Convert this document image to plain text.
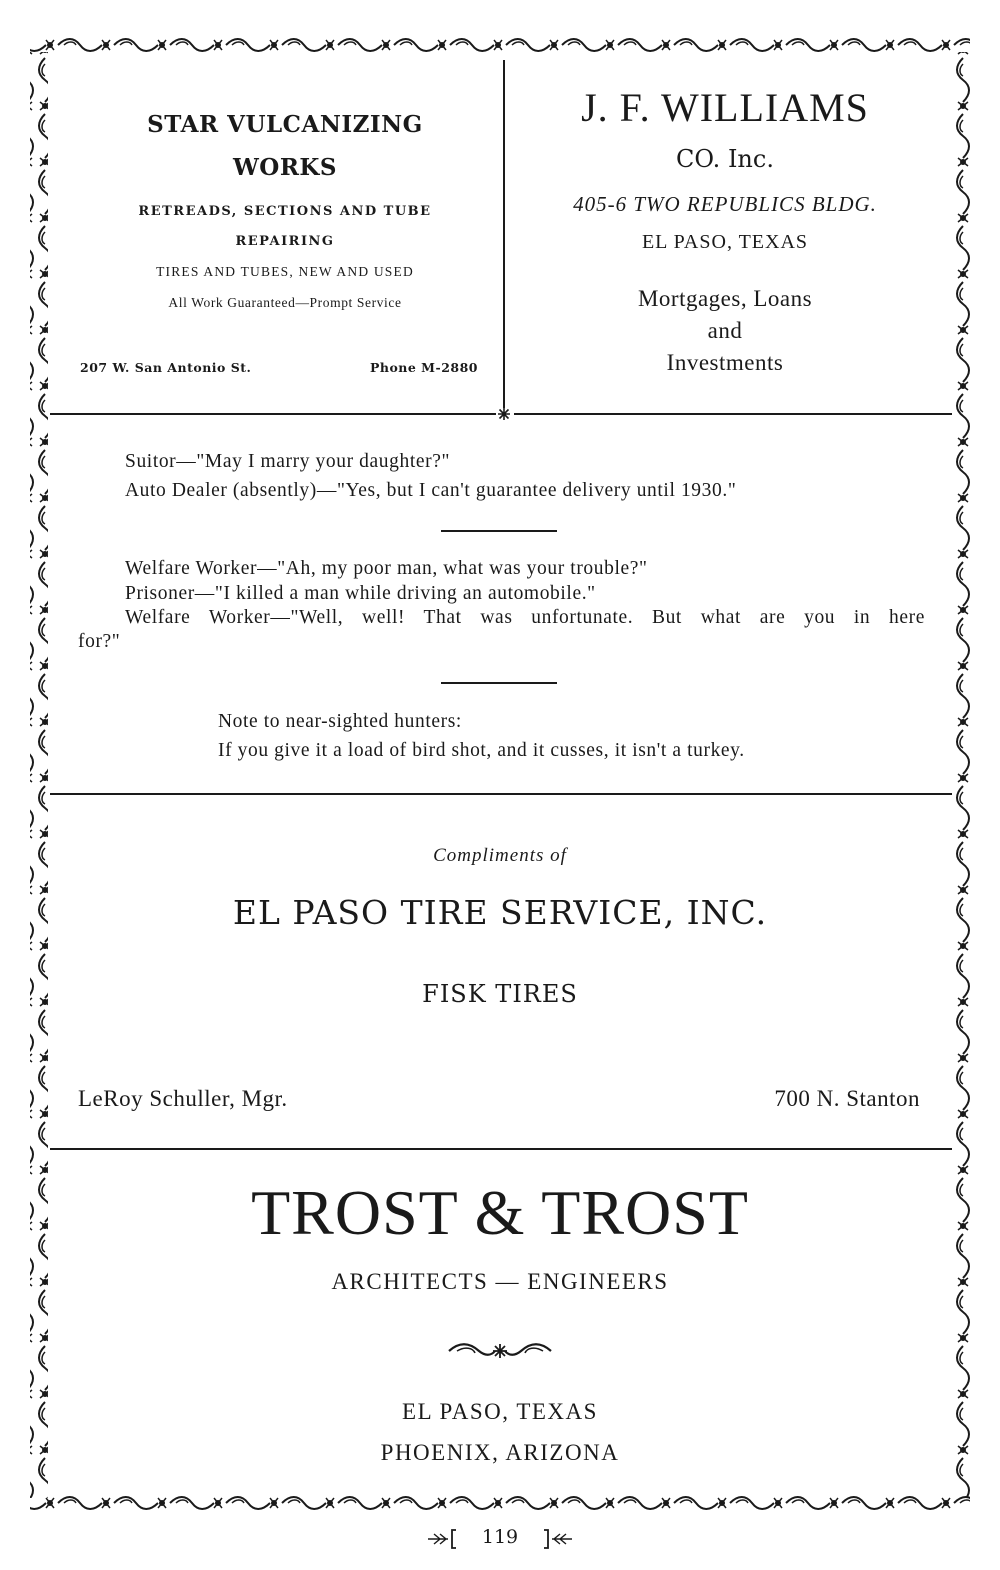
STAR VULCANIZING
WORKS
RETREADS, SECTIONS AND TUBE
REPAIRING
TIRES AND TUBES, NEW AND USED
All Work Guaranteed—Prompt Service
207 W. San Antonio St.	Phone M-2880
J. F. WILLIAMS
CO. Inc.
405-6 TWO REPUBLICS BLDG.
EL PASO, TEXAS
Mortgages, Loans
and
Investments
Suitor—"May I marry your daughter?"
Auto Dealer (absently)—"Yes, but I can't guarantee delivery until 1930."
Welfare Worker—"Ah, my poor man, what was your trouble?"
Prisoner—"I killed a man while driving an automobile."
Welfare Worker—"Well, well! That was unfortunate. But what are you in here
for?"
Note to near-sighted hunters:
If you give it a load of bird shot, and it cusses, it isn't a turkey.
Compliments of
EL PASO TIRE SERVICE, INC.
FISK TIRES
LeRoy Schuller, Mgr.	700 N. Stanton
TROST & TROST
ARCHITECTS — ENGINEERS
EL PASO, TEXAS
PHOENIX, ARIZONA
119
